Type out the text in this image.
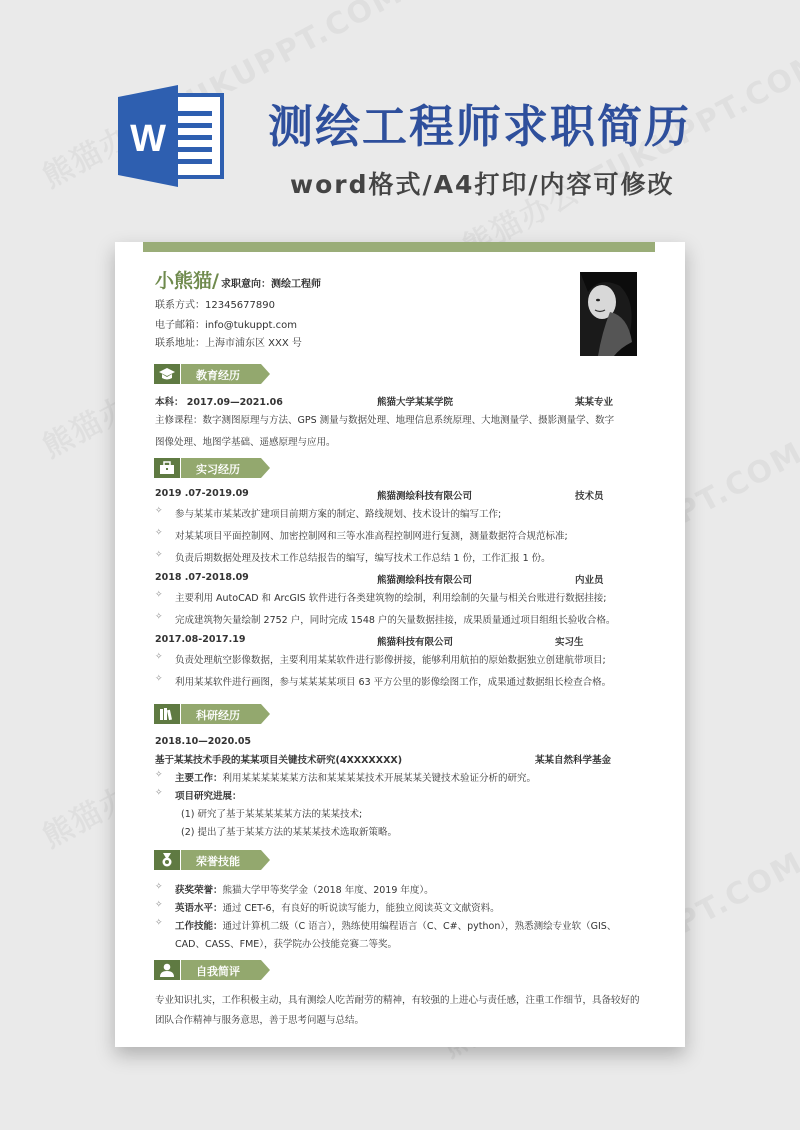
W 测绘工程师求职简历
word格式/A4打印/内容可修改
小熊猫/ 求职意向：测绘工程师
联系方式：12345677890
电子邮箱：info@tukuppt.com
联系地址：上海市浦东区 XXX 号
教育经历
本科： 2017.09—2021.06	熊猫大学某某学院	某某专业
主修课程：数字测图原理与方法、GPS 测量与数据处理、地理信息系统原理、大地测量学、摄影测量学、数字
图像处理、地图学基础、遥感原理与应用。
实习经历
2019 .07-2019.09	熊猫测绘科技有限公司	技术员
✧ 参与某某市某某改扩建项目前期方案的制定、路线规划、技术设计的编写工作;
✧ 对某某项目平面控制网、加密控制网和三等水准高程控制网进行复测，测量数据符合规范标准;
✧ 负责后期数据处理及技术工作总结报告的编写，编写技术工作总结 1 份，工作汇报 1 份。
2018 .07-2018.09	熊猫测绘科技有限公司	内业员
✧ 主要利用 AutoCAD 和 ArcGIS 软件进行各类建筑物的绘制，利用绘制的矢量与相关台账进行数据挂接;
✧ 完成建筑物矢量绘制 2752 户，同时完成 1548 户的矢量数据挂接，成果质量通过项目组组长验收合格。
2017.08-2017.19	熊猫科技有限公司	实习生
✧ 负责处理航空影像数据，主要利用某某软件进行影像拼接，能够利用航拍的原始数据独立创建航带项目;
✧ 利用某某软件进行画图，参与某某某某项目 63 平方公里的影像绘图工作，成果通过数据组长检查合格。
科研经历
2018.10—2020.05
基于某某技术手段的某某项目关键技术研究(4XXXXXXX)	某某自然科学基金
✧ 主要工作：利用某某某某某某方法和某某某某技术开展某某关键技术验证分析的研究。
✧ 项目研究进展：
(1) 研究了基于某某某某某方法的某某技术;
(2) 提出了基于某某方法的某某某技术选取新策略。
荣誉技能
✧ 获奖荣誉：熊猫大学甲等奖学金（2018 年度、2019 年度）。
✧ 英语水平：通过 CET-6，有良好的听说读写能力，能独立阅读英文文献资料。
✧ 工作技能：通过计算机二级（C 语言），熟练使用编程语言（C、C#、python），熟悉测绘专业软（GIS、
CAD、CASS、FME），获学院办公技能竞赛二等奖。
自我简评
专业知识扎实，工作积极主动，具有测绘人吃苦耐劳的精神，有较强的上进心与责任感，注重工作细节，具备较好的
团队合作精神与服务意思，善于思考问题与总结。
